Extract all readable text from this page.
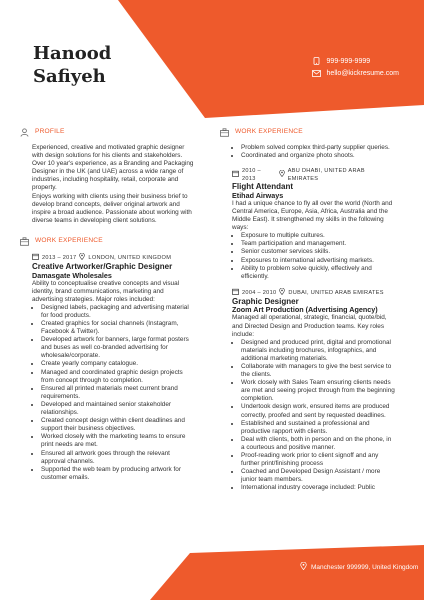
Hanood
Safiyeh
999-999-9999
hello@kickresume.com
PROFILE

Experienced, creative and motivated graphic designer with design solutions for his clients and stakeholders.

Over 10 year's experience, as a Branding and Packaging Designer in the UK (and UAE) across a wide range of industries, including hospitality, retail, corporate and property.

Enjoys working with clients using their business brief to develop brand concepts, deliver original artwork and inspire a broad audience. Passionate about working with diverse teams in developing client solutions.

WORK EXPERIENCE
2013 – 2017 LONDON, UNITED KINGDOM
Creative Artworker/Graphic Designer
Damasgate Wholesales

Ability to conceptualise creative concepts and visual identity, brand communications, marketing and advertising strategies. Major roles included:

• Designed labels, packaging and advertising material for food products.
• Created graphics for social channels (Instagram, Facebook & Twitter).
• Developed artwork for banners, large format posters and buses as well co-branded advertising for wholesale/corporate.
• Create yearly company catalogue.
• Managed and coordinated graphic design projects from concept through to completion.
• Ensured all printed materials meet current brand requirements.
• Developed and maintained senior stakeholder relationships.
• Created concept design within client deadlines and support their business objectives.
• Worked closely with the marketing teams to ensure print needs are met.
• Ensured all artwork goes through the relevant approval channels.
• Supported the web team by producing artwork for customer emails.
WORK EXPERIENCE
• Problem solved complex third-party supplier queries.
• Coordinated and organize photo shoots.
2010 – 2013
ABU DHABI, UNITED ARAB EMIRATES
Flight Attendant
Etihad Airways

I had a unique chance to fly all over the world (North and Central America, Europe, Asia, Africa, Australia and the Middle East). It strengthened my skills in the following ways:

• Exposure to multiple cultures.
• Team participation and management.
• Senior customer services skills.
• Exposures to international advertising markets.
• Ability to problem solve quickly, effectively and efficiently.
2004 – 2010 DUBAI, UNITED ARAB EMIRATES
Graphic Designer
Zoom Art Production (Advertising Agency)

Managed all operational, strategic, financial, quote/bid, and Directed Design and Production teams. Key roles include:

• Designed and produced print, digital and promotional materials including brochures, infographics, and additional marketing materials.
• Collaborate with managers to give the best service to the clients.
• Work closely with Sales Team ensuring clients needs are met and seeing project through from the beginning completion.
• Undertook design work, ensured items are produced correctly, proofed and sent by requested deadlines.
• Established and sustained a professional and productive rapport with clients.
• Deal with clients, both in person and on the phone, in a courteous and positive manner.
• Proof-reading work prior to client signoff and any further print/finishing process
• Coached and Developed Design Assistant / more junior team members.
• International industry coverage included: Public
Manchester 999999, United Kingdom
